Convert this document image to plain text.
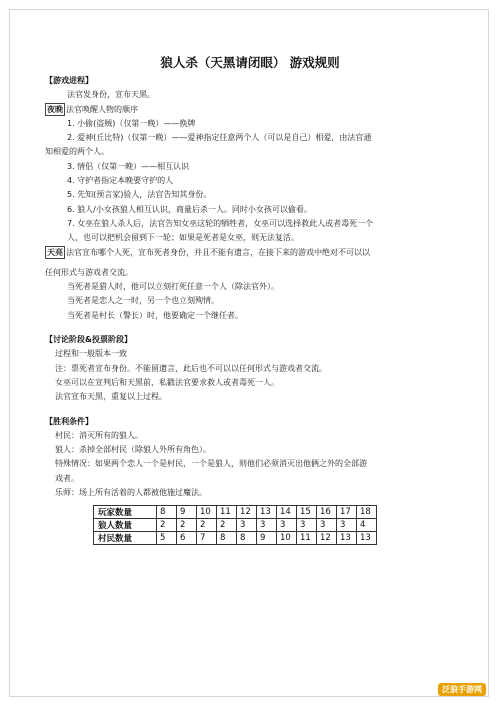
狼人杀（天黑请闭眼） 游戏规则
【游戏进程】
法官发身份，宣布天黑。
夜晚 法官唤醒人物的顺序
1. 小偷(盗贼)（仅第一晚）——换牌
2. 爱神(丘比特)（仅第一晚）——爱神指定任意两个人（可以是自己）相爱，由法官通
知相爱的两个人。
3. 情侣（仅第一晚）——相互认识
4. 守护者指定本晚要守护的人
5. 先知(预言家)验人，法官告知其身份。
6. 狼人/小女孩狼人相互认识，商量后杀一人。同时小女孩可以偷看。
7. 女巫在狼人杀人后，法官告知女巫这轮的牺牲者，女巫可以选择救此人或者毒死一个
人，也可以把机会留到下一轮；如果是死者是女巫，则无法复活。
天亮 法官宣布哪个人死，宣布死者身份，并且不能有遗言，在接下来的游戏中绝对不可以以
任何形式与游戏者交流。
当死者是猎人时，他可以立刻打死任意一个人（除法官外）。
当死者是恋人之一时，另一个也立刻殉情。
当死者是村长（警长）时，他要确定一个继任者。
【讨论阶段&投票阶段】
过程和一般版本一致
注：票死者宣布身份。不能留遗言，此后也不可以以任何形式与游戏者交流。
女巫可以在宣判后和天黑前，私戳法官要求救人或者毒死一人。
法官宣布天黑，重复以上过程。
【胜利条件】
村民：消灭所有的狼人。
狼人：杀掉全部村民（除狼人外所有角色）。
特殊情况：如果两个恋人一个是村民，一个是狼人，则他们必须消灭出他俩之外的全部游
戏者。
乐师：场上所有活着的人都被他施过魔法。
玩家数量	8	9	10	11	12	13	14	15	16	17	18
狼人数量	2	2	2	2	3	3	3	3	3	3	4
村民数量	5	6	7	8	8	9	10	11	12	13	13
泛狼手游网
